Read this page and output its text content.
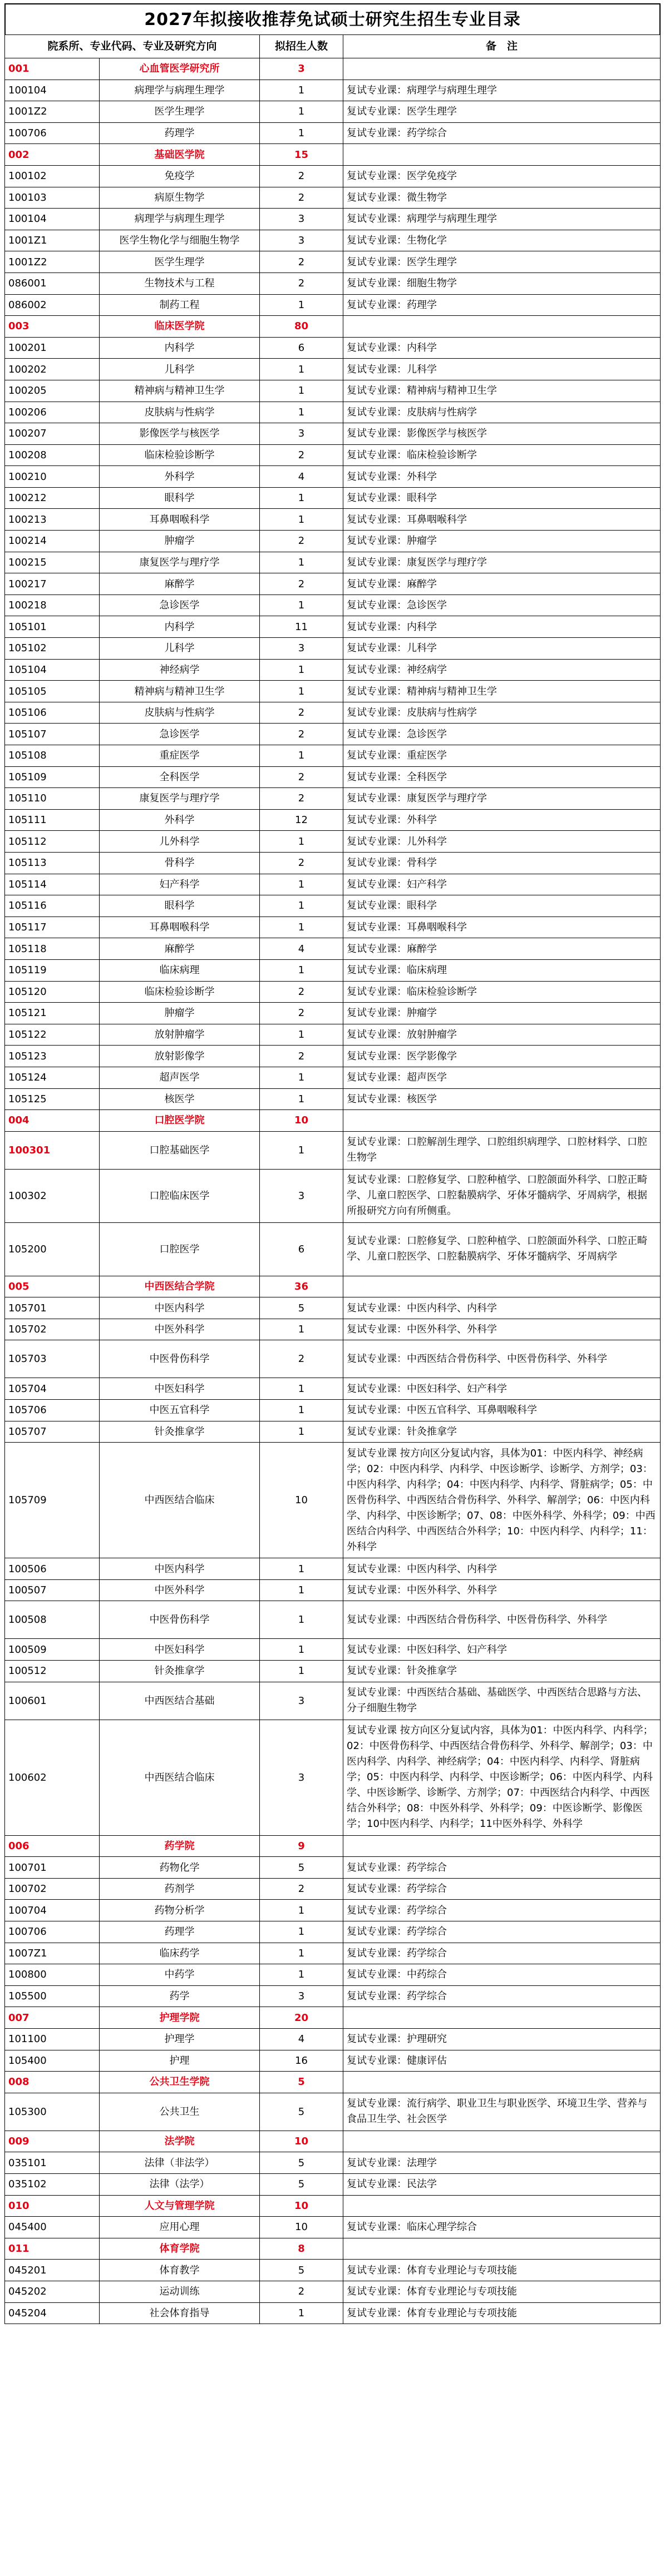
2027年拟接收推荐免试硕士研究生招生专业目录
院系所、专业代码、专业及研究方向		拟招生人数	备　注
001	心血管医学研究所	3	
100104	病理学与病理生理学	1	复试专业课：病理学与病理生理学
1001Z2	医学生理学	1	复试专业课：医学生理学
100706	药理学	1	复试专业课：药学综合
002	基础医学院	15	
100102	免疫学	2	复试专业课：医学免疫学
100103	病原生物学	2	复试专业课：微生物学
100104	病理学与病理生理学	3	复试专业课：病理学与病理生理学
1001Z1	医学生物化学与细胞生物学	3	复试专业课：生物化学
1001Z2	医学生理学	2	复试专业课：医学生理学
086001	生物技术与工程	2	复试专业课：细胞生物学
086002	制药工程	1	复试专业课：药理学
003	临床医学院	80	
100201	内科学	6	复试专业课：内科学
100202	儿科学	1	复试专业课：儿科学
100205	精神病与精神卫生学	1	复试专业课：精神病与精神卫生学
100206	皮肤病与性病学	1	复试专业课：皮肤病与性病学
100207	影像医学与核医学	3	复试专业课：影像医学与核医学
100208	临床检验诊断学	2	复试专业课：临床检验诊断学
100210	外科学	4	复试专业课：外科学
100212	眼科学	1	复试专业课：眼科学
100213	耳鼻咽喉科学	1	复试专业课：耳鼻咽喉科学
100214	肿瘤学	2	复试专业课：肿瘤学
100215	康复医学与理疗学	1	复试专业课：康复医学与理疗学
100217	麻醉学	2	复试专业课：麻醉学
100218	急诊医学	1	复试专业课：急诊医学
105101	内科学	11	复试专业课：内科学
105102	儿科学	3	复试专业课：儿科学
105104	神经病学	1	复试专业课：神经病学
105105	精神病与精神卫生学	1	复试专业课：精神病与精神卫生学
105106	皮肤病与性病学	2	复试专业课：皮肤病与性病学
105107	急诊医学	2	复试专业课：急诊医学
105108	重症医学	1	复试专业课：重症医学
105109	全科医学	2	复试专业课：全科医学
105110	康复医学与理疗学	2	复试专业课：康复医学与理疗学
105111	外科学	12	复试专业课：外科学
105112	儿外科学	1	复试专业课：儿外科学
105113	骨科学	2	复试专业课：骨科学
105114	妇产科学	1	复试专业课：妇产科学
105116	眼科学	1	复试专业课：眼科学
105117	耳鼻咽喉科学	1	复试专业课：耳鼻咽喉科学
105118	麻醉学	4	复试专业课：麻醉学
105119	临床病理	1	复试专业课：临床病理
105120	临床检验诊断学	2	复试专业课：临床检验诊断学
105121	肿瘤学	2	复试专业课：肿瘤学
105122	放射肿瘤学	1	复试专业课：放射肿瘤学
105123	放射影像学	2	复试专业课：医学影像学
105124	超声医学	1	复试专业课：超声医学
105125	核医学	1	复试专业课：核医学
004	口腔医学院	10	
100301	口腔基础医学	1	复试专业课：口腔解剖生理学、口腔组织病理学、口腔材料学、口腔生物学
100302	口腔临床医学	3	复试专业课：口腔修复学、口腔种植学、口腔颌面外科学、口腔正畸学、儿童口腔医学、口腔黏膜病学、牙体牙髓病学、牙周病学，根据所报研究方向有所侧重。
105200	口腔医学	6	复试专业课：口腔修复学、口腔种植学、口腔颌面外科学、口腔正畸学、儿童口腔医学、口腔黏膜病学、牙体牙髓病学、牙周病学
005	中西医结合学院	36	
105701	中医内科学	5	复试专业课：中医内科学、内科学
105702	中医外科学	1	复试专业课：中医外科学、外科学
105703	中医骨伤科学	2	复试专业课：中西医结合骨伤科学、中医骨伤科学、外科学
105704	中医妇科学	1	复试专业课：中医妇科学、妇产科学
105706	中医五官科学	1	复试专业课：中医五官科学、耳鼻咽喉科学
105707	针灸推拿学	1	复试专业课：针灸推拿学
105709	中西医结合临床	10	复试专业课 按方向区分复试内容，具体为01：中医内科学、神经病学；02：中医内科学、内科学、中医诊断学、诊断学、方剂学；03：中医内科学、内科学；04：中医内科学、内科学、肾脏病学；05：中医骨伤科学、中西医结合骨伤科学、外科学、解剖学；06：中医内科学、内科学、中医诊断学；07、08：中医外科学、外科学；09：中西医结合内科学、中西医结合外科学；10：中医内科学、内科学；11：外科学
100506	中医内科学	1	复试专业课：中医内科学、内科学
100507	中医外科学	1	复试专业课：中医外科学、外科学
100508	中医骨伤科学	1	复试专业课：中西医结合骨伤科学、中医骨伤科学、外科学
100509	中医妇科学	1	复试专业课：中医妇科学、妇产科学
100512	针灸推拿学	1	复试专业课：针灸推拿学
100601	中西医结合基础	3	复试专业课：中西医结合基础、基础医学、中西医结合思路与方法、分子细胞生物学
100602	中西医结合临床	3	复试专业课 按方向区分复试内容，具体为01：中医内科学、内科学；02：中医骨伤科学、中西医结合骨伤科学、外科学、解剖学；03：中医内科学、内科学、神经病学；04：中医内科学、内科学、肾脏病学；05：中医内科学、内科学、中医诊断学；06：中医内科学、内科学、中医诊断学、诊断学、方剂学；07：中西医结合内科学、中西医结合外科学；08：中医外科学、外科学；09：中医诊断学、影像医学；10中医内科学、内科学；11中医外科学、外科学
006	药学院	9	
100701	药物化学	5	复试专业课：药学综合
100702	药剂学	2	复试专业课：药学综合
100704	药物分析学	1	复试专业课：药学综合
100706	药理学	1	复试专业课：药学综合
1007Z1	临床药学	1	复试专业课：药学综合
100800	中药学	1	复试专业课：中药综合
105500	药学	3	复试专业课：药学综合
007	护理学院	20	
101100	护理学	4	复试专业课：护理研究
105400	护理	16	复试专业课：健康评估
008	公共卫生学院	5	
105300	公共卫生	5	复试专业课：流行病学、职业卫生与职业医学、环境卫生学、营养与食品卫生学、社会医学
009	法学院	10	
035101	法律（非法学）	5	复试专业课：法理学
035102	法律（法学）	5	复试专业课：民法学
010	人文与管理学院	10	
045400	应用心理	10	复试专业课：临床心理学综合
011	体育学院	8	
045201	体育教学	5	复试专业课：体育专业理论与专项技能
045202	运动训练	2	复试专业课：体育专业理论与专项技能
045204	社会体育指导	1	复试专业课：体育专业理论与专项技能
